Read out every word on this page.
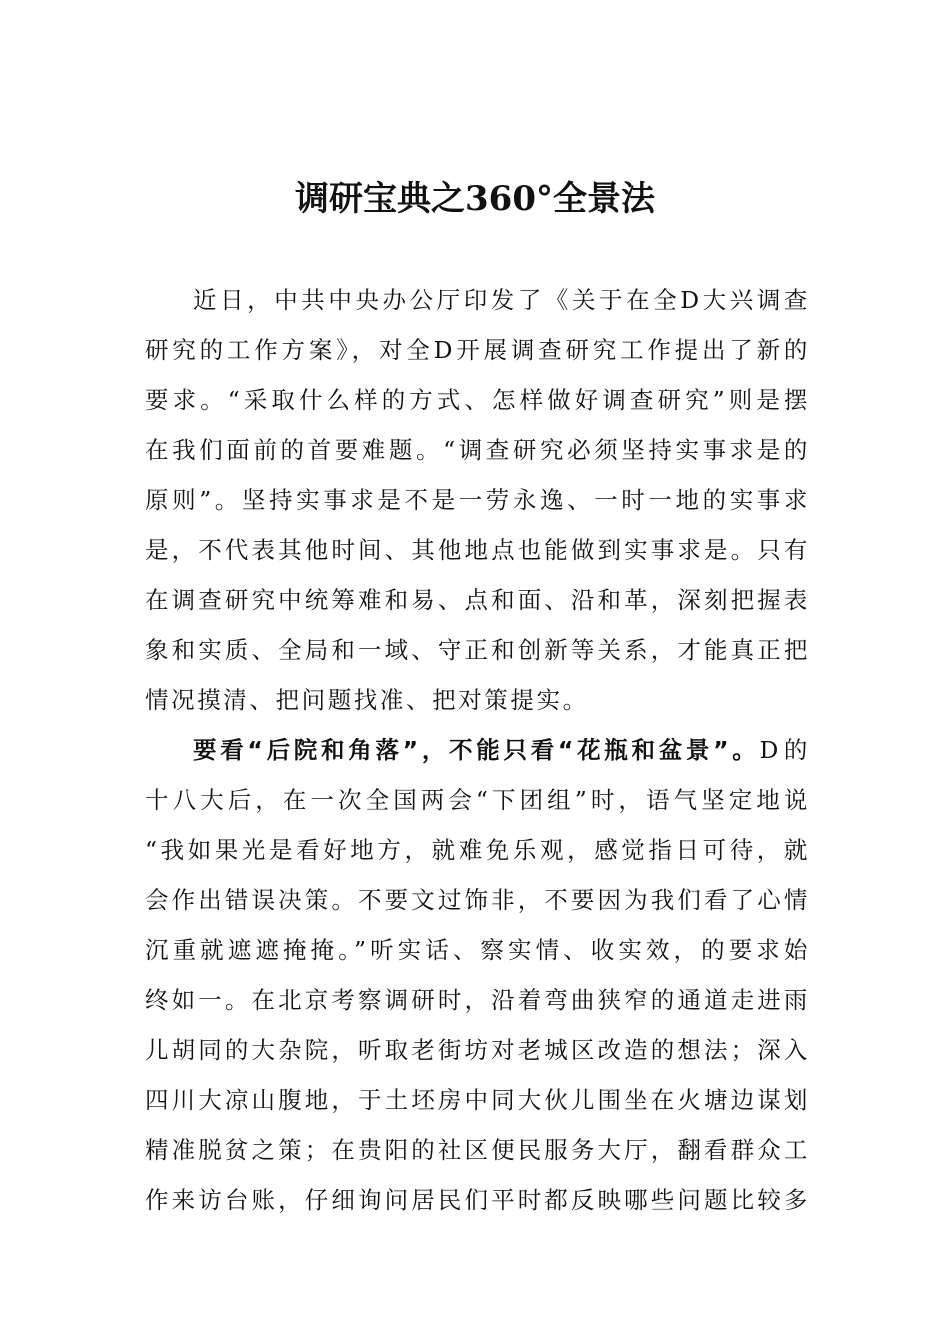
调研宝典之360°全景法
近日，中共中央办公厅印发了《关于在全D大兴调查
研究的工作方案》，对全D开展调查研究工作提出了新的
要求。“采取什么样的方式、怎样做好调查研究”则是摆
在我们面前的首要难题。“调查研究必须坚持实事求是的
原则”。坚持实事求是不是一劳永逸、一时一地的实事求
是，不代表其他时间、其他地点也能做到实事求是。只有
在调查研究中统筹难和易、点和面、沿和革，深刻把握表
象和实质、全局和一域、守正和创新等关系，才能真正把
情况摸清、把问题找准、把对策提实。
要看“后院和角落”，不能只看“花瓶和盆景”。D的
十八大后，在一次全国两会“下团组”时，语气坚定地说
“我如果光是看好地方，就难免乐观，感觉指日可待，就
会作出错误决策。不要文过饰非，不要因为我们看了心情
沉重就遮遮掩掩。”听实话、察实情、收实效，的要求始
终如一。在北京考察调研时，沿着弯曲狭窄的通道走进雨
儿胡同的大杂院，听取老街坊对老城区改造的想法；深入
四川大凉山腹地，于土坯房中同大伙儿围坐在火塘边谋划
精准脱贫之策；在贵阳的社区便民服务大厅，翻看群众工
作来访台账，仔细询问居民们平时都反映哪些问题比较多
